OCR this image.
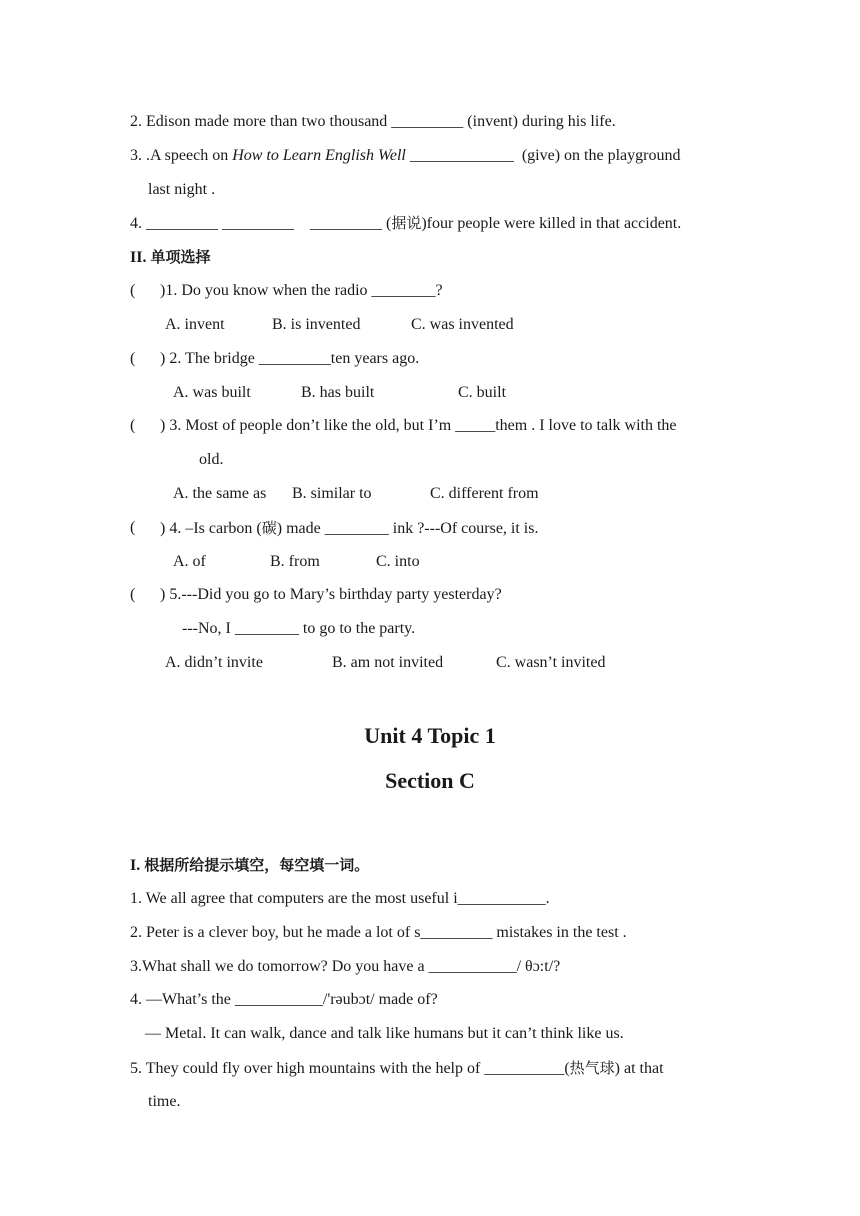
2. Edison made more than two thousand _________ (invent) during his life.
3. .A speech on How to Learn English Well _____________  (give) on the playground
last night .
4. _________ _________    _________ (据说)four people were killed in that accident.
II. 单项选择
( )1. Do you know when the radio ________?
A. invent	B. is invented	C. was invented
( ) 2. The bridge _________ten years ago.
A. was built	B. has built	C. built
( ) 3. Most of people don’t like the old, but I’m _____them . I love to talk with the
old.
A. the same as B. similar to	C. different from
( ) 4. –Is carbon (碳) made ________ ink ?---Of course, it is.
A. of	B. from	C. into
( ) 5.---Did you go to Mary’s birthday party yesterday?
---No, I ________ to go to the party.
A. didn’t invite	B. am not invited	C. wasn’t invited
Unit 4 Topic 1
Section C
I. 根据所给提示填空，每空填一词。
1. We all agree that computers are the most useful i___________.
2. Peter is a clever boy, but he made a lot of s_________ mistakes in the test .
3.What shall we do tomorrow? Do you have a ___________/ θɔ:t/?
4. —What’s the ___________/'rəubɔt/ made of?
— Metal. It can walk, dance and talk like humans but it can’t think like us.
5. They could fly over high mountains with the help of __________(热气球) at that
time.
